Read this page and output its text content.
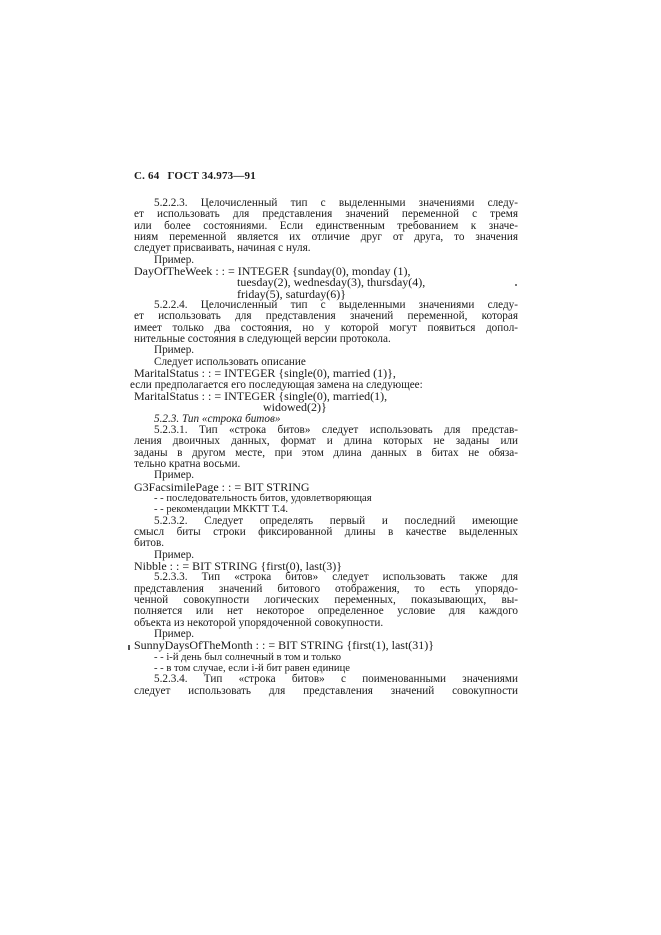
С. 64 ГОСТ 34.973—91

5.2.2.3. Целочисленный тип с выделенными значениями следу-

ет использовать для представления значений переменной с тремя

или более состояниями. Если единственным требованием к значе-

ниям переменной является их отличие друг от друга, то значения

следует присваивать, начиная с нуля.

Пример.

DayOfTheWeek : : = INTEGER {sunday(0), monday (1),

tuesday(2), wednesday(3), thursday(4),

friday(5), saturday(6)}

5.2.2.4. Целочисленный тип с выделенными значениями следу-

ет использовать для представления значений переменной, которая

имеет только два состояния, но у которой могут появиться допол-

нительные состояния в следующей версии протокола.

Пример.

Следует использовать описание

MaritalStatus : : = INTEGER {single(0), married (1)},

если предполагается его последующая замена на следующее:

MaritalStatus : : = INTEGER {single(0), married(1),

widowed(2)}

5.2.3. Тип «строка битов»

5.2.3.1. Тип «строка битов» следует использовать для представ-

ления двоичных данных, формат и длина которых не заданы или

заданы в другом месте, при этом длина данных в битах не обяза-

тельно кратна восьми.

Пример.

G3FacsimilePage : : = BIT STRING

- - последовательность битов, удовлетворяющая

- - рекомендации МККТТ Т.4.

5.2.3.2. Следует определять первый и последний имеющие

смысл биты строки фиксированной длины в качестве выделенных

битов.

Пример.

Nibble : : = BIT STRING {first(0), last(3)}

5.2.3.3. Тип «строка битов» следует использовать также для

представления значений битового отображения, то есть упорядо-

ченной совокупности логических переменных, показывающих, вы-

полняется или нет некоторое определенное условие для каждого

объекта из некоторой упорядоченной совокупности.

Пример.

SunnyDaysOfTheMonth : : = BIT STRING {first(1), last(31)}

- - i-й день был солнечный в том и только

- - в том случае, если i-й бит равен единице

5.2.3.4. Тип «строка битов» с поименованными значениями

следует использовать для представления значений совокупности
